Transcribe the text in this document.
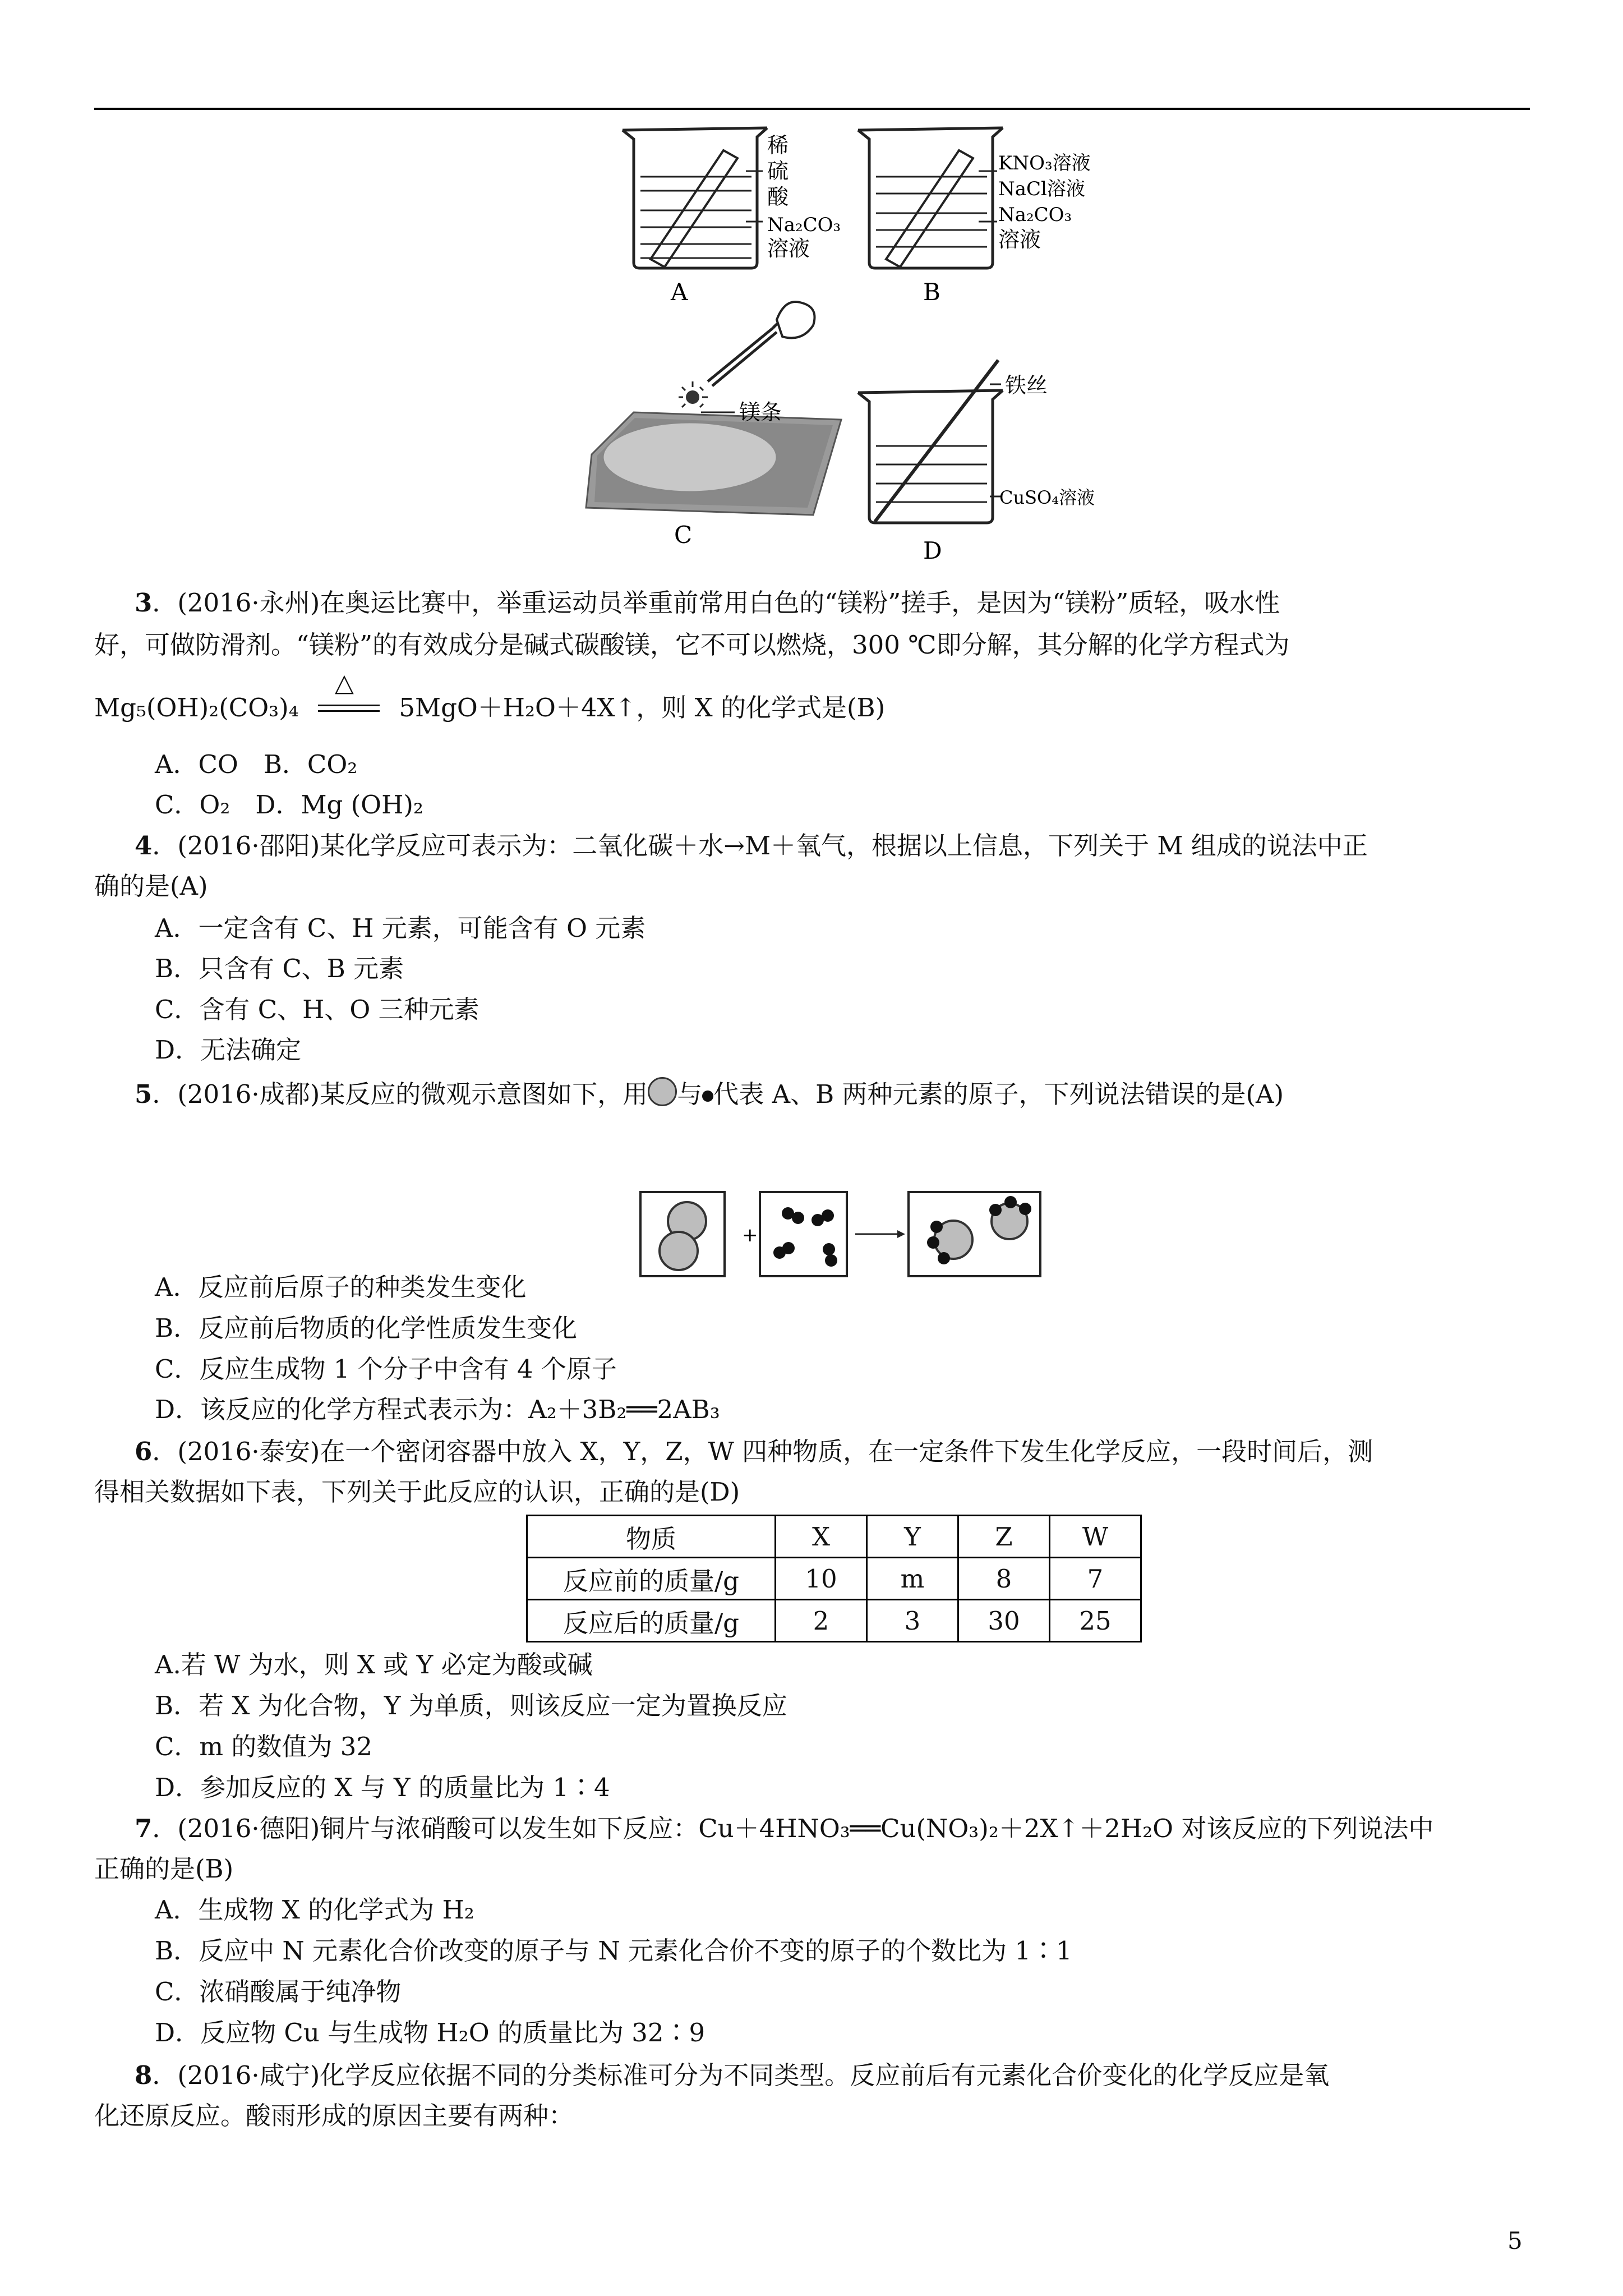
稀
硫
酸
Na₂CO₃
溶液
A
KNO₃溶液
NaCl溶液
Na₂CO₃
溶液
B
镁条
C
铁丝
CuSO₄溶液
D
3．(2016·永州)在奥运比赛中，举重运动员举重前常用白色的“镁粉”搓手，是因为“镁粉”质轻，吸水性
好，可做防滑剂。“镁粉”的有效成分是碱式碳酸镁，它不可以燃烧，300 ℃即分解，其分解的化学方程式为
Mg₅(OH)₂(CO₃)₄
△
5MgO＋H₂O＋4X↑，则 X 的化学式是(B)
A．CO　B．CO₂
C．O₂　D．Mg (OH)₂
4．(2016·邵阳)某化学反应可表示为：二氧化碳＋水→M＋氧气，根据以上信息，下列关于 M 组成的说法中正
确的是(A)
A．一定含有 C、H 元素，可能含有 O 元素
B．只含有 C、B 元素
C．含有 C、H、O 三种元素
D．无法确定
5．(2016·成都)某反应的微观示意图如下，用 与 代表 A、B 两种元素的原子，下列说法错误的是(A)
+
A．反应前后原子的种类发生变化
B．反应前后物质的化学性质发生变化
C．反应生成物 1 个分子中含有 4 个原子
D．该反应的化学方程式表示为：A₂＋3B₂══2AB₃
6．(2016·泰安)在一个密闭容器中放入 X，Y，Z，W 四种物质，在一定条件下发生化学反应，一段时间后，测
得相关数据如下表，下列关于此反应的认识，正确的是(D)
物质	X	Y	Z	W
反应前的质量/g	10	m	8	7
反应后的质量/g	2	3	30	25
A.若 W 为水，则 X 或 Y 必定为酸或碱
B．若 X 为化合物，Y 为单质，则该反应一定为置换反应
C．m 的数值为 32
D．参加反应的 X 与 Y 的质量比为 1∶4
7．(2016·德阳)铜片与浓硝酸可以发生如下反应：Cu＋4HNO₃══Cu(NO₃)₂＋2X↑＋2H₂O 对该反应的下列说法中
正确的是(B)
A．生成物 X 的化学式为 H₂
B．反应中 N 元素化合价改变的原子与 N 元素化合价不变的原子的个数比为 1∶1
C．浓硝酸属于纯净物
D．反应物 Cu 与生成物 H₂O 的质量比为 32∶9
8．(2016·咸宁)化学反应依据不同的分类标准可分为不同类型。反应前后有元素化合价变化的化学反应是氧
化还原反应。酸雨形成的原因主要有两种：
5
